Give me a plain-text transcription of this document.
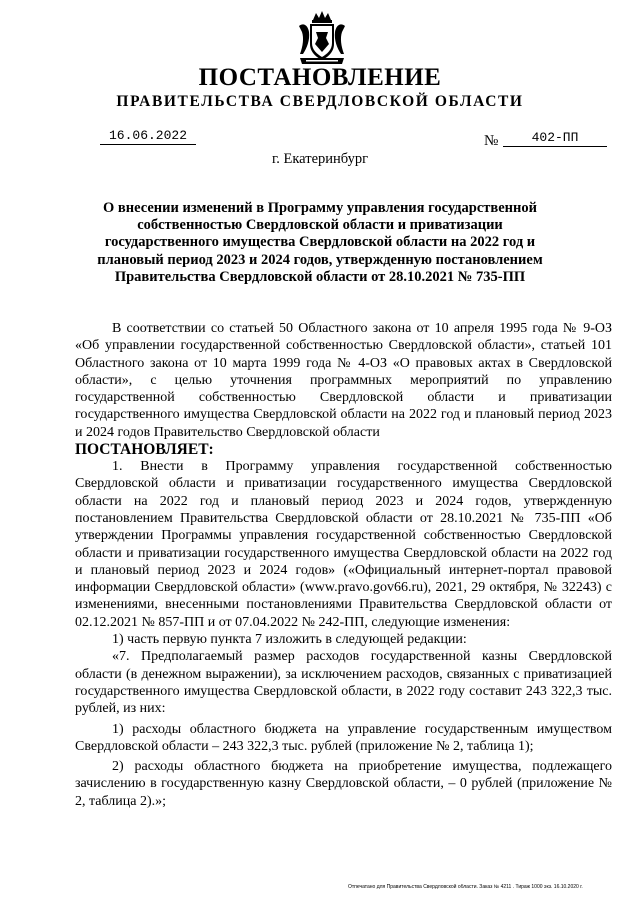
ПОСТАНОВЛЕНИЕ
ПРАВИТЕЛЬСТВА СВЕРДЛОВСКОЙ ОБЛАСТИ
16.06.2022	№	402-ПП
г. Екатеринбург
О внесении изменений в Программу управления государственной собственностью Свердловской области и приватизации государственного имущества Свердловской области на 2022 год и плановый период 2023 и 2024 годов, утвержденную постановлением Правительства Свердловской области от 28.10.2021 № 735-ПП

В соответствии со статьей 50 Областного закона от 10 апреля 1995 года № 9-ОЗ «Об управлении государственной собственностью Свердловской области», статьей 101 Областного закона от 10 марта 1999 года № 4-ОЗ «О правовых актах в Свердловской области», с целью уточнения программных мероприятий по управлению государственной собственностью Свердловской области и приватизации государственного имущества Свердловской области на 2022 год и плановый период 2023 и 2024 годов Правительство Свердловской области

ПОСТАНОВЛЯЕТ:

1. Внести в Программу управления государственной собственностью Свердловской области и приватизации государственного имущества Свердловской области на 2022 год и плановый период 2023 и 2024 годов, утвержденную постановлением Правительства Свердловской области от 28.10.2021 № 735-ПП «Об утверждении Программы управления государственной собственностью Свердловской области и приватизации государственного имущества Свердловской области на 2022 год и плановый период 2023 и 2024 годов» («Официальный интернет-портал правовой информации Свердловской области» (www.pravo.gov66.ru), 2021, 29 октября, № 32243) с изменениями, внесенными постановлениями Правительства Свердловской области от 02.12.2021 № 857-ПП и от 07.04.2022 № 242-ПП, следующие изменения:

1) часть первую пункта 7 изложить в следующей редакции:

«7. Предполагаемый размер расходов государственной казны Свердловской области (в денежном выражении), за исключением расходов, связанных с приватизацией государственного имущества Свердловской области, в 2022 году составит 243 322,3 тыс. рублей, из них:

1) расходы областного бюджета на управление государственным имуществом Свердловской области – 243 322,3 тыс. рублей (приложение № 2, таблица 1);

2) расходы областного бюджета на приобретение имущества, подлежащего зачислению в государственную казну Свердловской области, – 0 рублей (приложение № 2, таблица 2).»;

Отпечатано для Правительства Свердловской области. Заказ № 4211 . Тираж 1000 экз. 16.10.2020 г.
